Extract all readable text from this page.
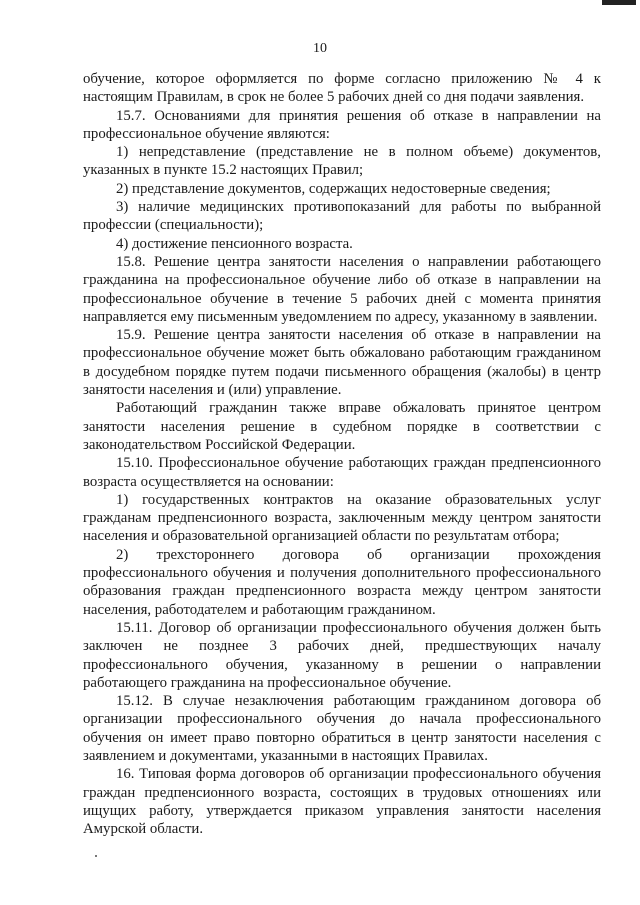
10

обучение, которое оформляется по форме согласно приложению № 4 к настоящим Правилам, в срок не более 5 рабочих дней со дня подачи заявления.

15.7. Основаниями для принятия решения об отказе в направлении на профессиональное обучение являются:

1) непредставление (представление не в полном объеме) документов, указанных в пункте 15.2 настоящих Правил;

2) представление документов, содержащих недостоверные сведения;

3) наличие медицинских противопоказаний для работы по выбранной профессии (специальности);

4) достижение пенсионного возраста.

15.8. Решение центра занятости населения о направлении работающего гражданина на профессиональное обучение либо об отказе в направлении на профессиональное обучение в течение 5 рабочих дней с момента принятия направляется ему письменным уведомлением по адресу, указанному в заявлении.

15.9. Решение центра занятости населения об отказе в направлении на профессиональное обучение может быть обжаловано работающим гражданином в досудебном порядке путем подачи письменного обращения (жалобы) в центр занятости населения и (или) управление.

Работающий гражданин также вправе обжаловать принятое центром занятости населения решение в судебном порядке в соответствии с законодательством Российской Федерации.

15.10. Профессиональное обучение работающих граждан предпенсионного возраста осуществляется на основании:

1) государственных контрактов на оказание образовательных услуг гражданам предпенсионного возраста, заключенным между центром занятости населения и образовательной организацией области по результатам отбора;

2) трехстороннего договора об организации прохождения профессионального обучения и получения дополнительного профессионального образования граждан предпенсионного возраста между центром занятости населения, работодателем и работающим гражданином.

15.11. Договор об организации профессионального обучения должен быть заключен не позднее 3 рабочих дней, предшествующих началу профессионального обучения, указанному в решении о направлении работающего гражданина на профессиональное обучение.

15.12. В случае незаключения работающим гражданином договора об организации профессионального обучения до начала профессионального обучения он имеет право повторно обратиться в центр занятости населения с заявлением и документами, указанными в настоящих Правилах.

16. Типовая форма договоров об организации профессионального обучения граждан предпенсионного возраста, состоящих в трудовых отношениях или ищущих работу, утверждается приказом управления занятости населения Амурской области.
